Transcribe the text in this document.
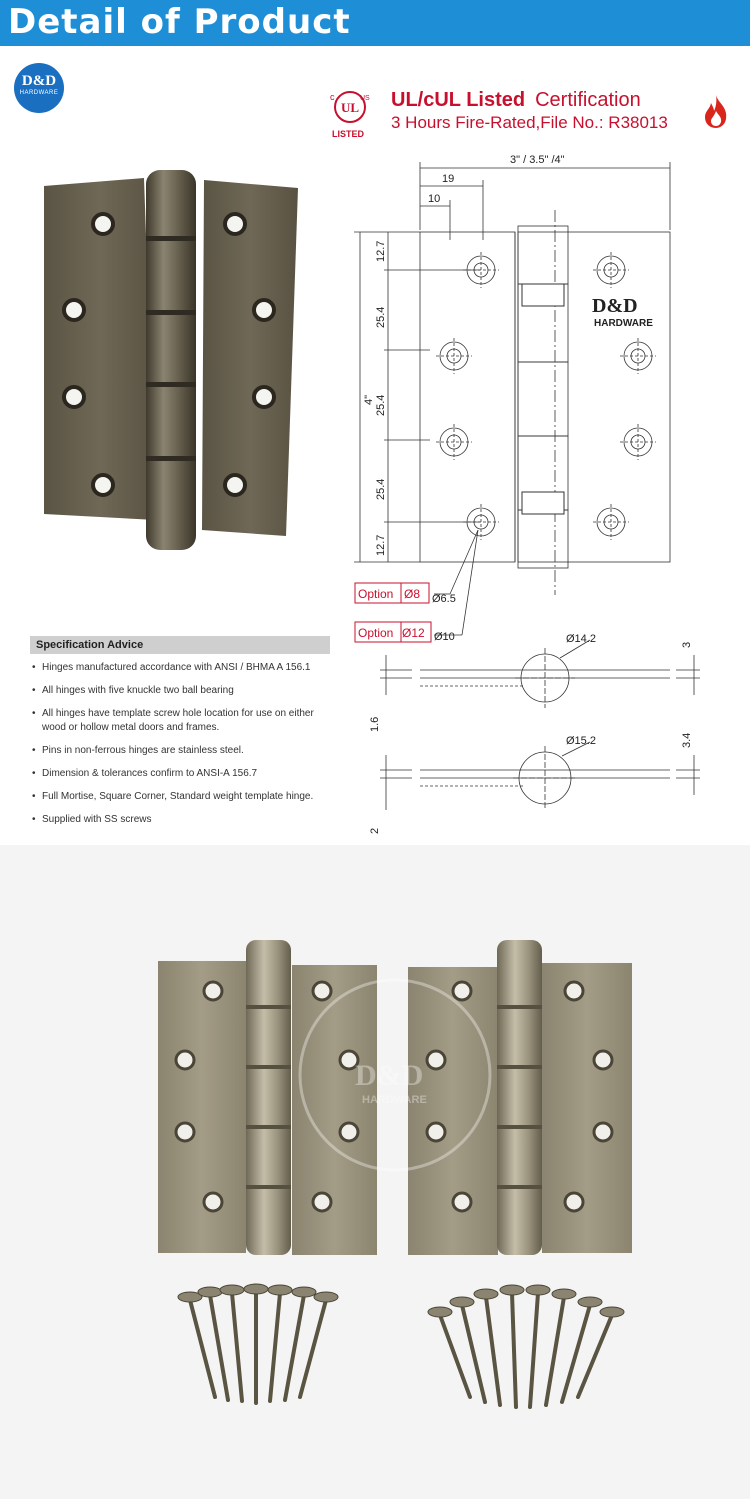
Detail of Product
D&D
HARDWARE	c
UL
US
LISTED
UL/cUL Listed Certification
3 Hours Fire-Rated,File No.: R38013
3" / 3.5" /4"
19
10
4"
12.7
25.4
25.4
25.4
12.7
D&D
HARDWARE
Option Ø8 Ø6.5
Option Ø12 Ø10	Ø14.2
1.6
3
Ø15.2
2
3.4
Specification Advice
• Hinges manufactured accordance with ANSI / BHMA A 156.1
• All hinges with five knuckle two ball bearing
• All hinges have template screw hole location for use on either wood or hollow metal doors and frames.
• Pins in non-ferrous hinges are stainless steel.
• Dimension & tolerances confirm to ANSI-A 156.7
• Full Mortise, Square Corner, Standard weight template hinge.
• Supplied with SS screws
D&D
HARDWARE
